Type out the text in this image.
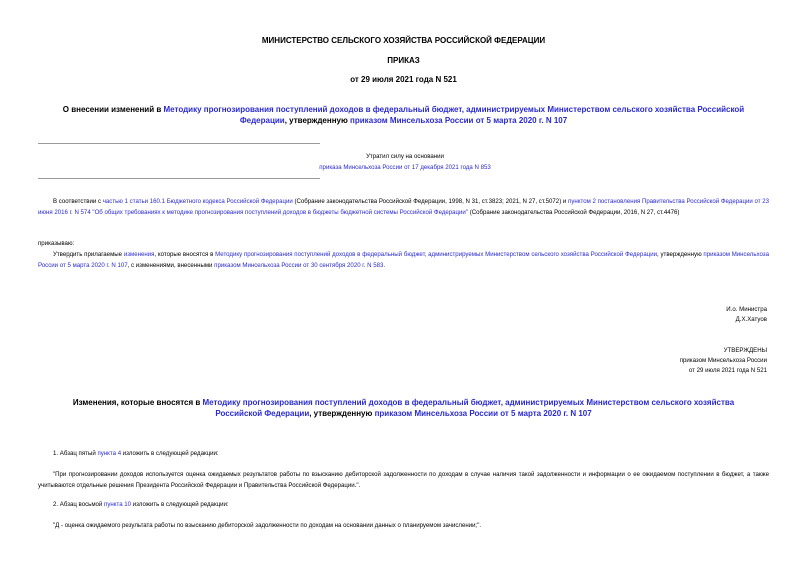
МИНИСТЕРСТВО СЕЛЬСКОГО ХОЗЯЙСТВА РОССИЙСКОЙ ФЕДЕРАЦИИ
ПРИКАЗ
от 29 июля 2021 года N 521
О внесении изменений в Методику прогнозирования поступлений доходов в федеральный бюджет, администрируемых Министерством сельского хозяйства Российской Федерации, утвержденную приказом Минсельхоза России от 5 марта 2020 г. N 107

Утратил силу на основании

приказа Минсельхоза России от 17 декабря 2021 года N 853

В соответствии с частью 1 статьи 160.1 Бюджетного кодекса Российской Федерации (Собрание законодательства Российской Федерации, 1998, N 31, ст.3823; 2021, N 27, ст.5072) и пунктом 2 постановления Правительства Российской Федерации от 23 июня 2016 г. N 574 "Об общих требованиях к методике прогнозирования поступлений доходов в бюджеты бюджетной системы Российской Федерации" (Собрание законодательства Российской Федерации, 2016, N 27, ст.4476)
приказываю:
Утвердить прилагаемые изменения, которые вносятся в Методику прогнозирования поступлений доходов в федеральный бюджет, администрируемых Министерством сельского хозяйства Российской Федерации, утвержденную приказом Минсельхоза России от 5 марта 2020 г. N 107, с изменениями, внесенными приказом Минсельхоза России от 30 сентября 2020 г. N 583.

И.о. Министра

Д.Х.Хатуов

УТВЕРЖДЕНЫ

приказом Минсельхоза России

от 29 июля 2021 года N 521

Изменения, которые вносятся в Методику прогнозирования поступлений доходов в федеральный бюджет, администрируемых Министерством сельского хозяйства Российской Федерации, утвержденную приказом Минсельхоза России от 5 марта 2020 г. N 107
1. Абзац пятый пункта 4 изложить в следующей редакции:
"При прогнозировании доходов используется оценка ожидаемых результатов работы по взысканию дебиторской задолженности по доходам в случае наличия такой задолженности и информации о ее ожидаемом поступлении в бюджет, а также учитываются отдельные решения Президента Российской Федерации и Правительства Российской Федерации.".
2. Абзац восьмой пункта 10 изложить в следующей редакции:
"Д - оценка ожидаемого результата работы по взысканию дебиторской задолженности по доходам на основании данных о планируемом зачислении;".
